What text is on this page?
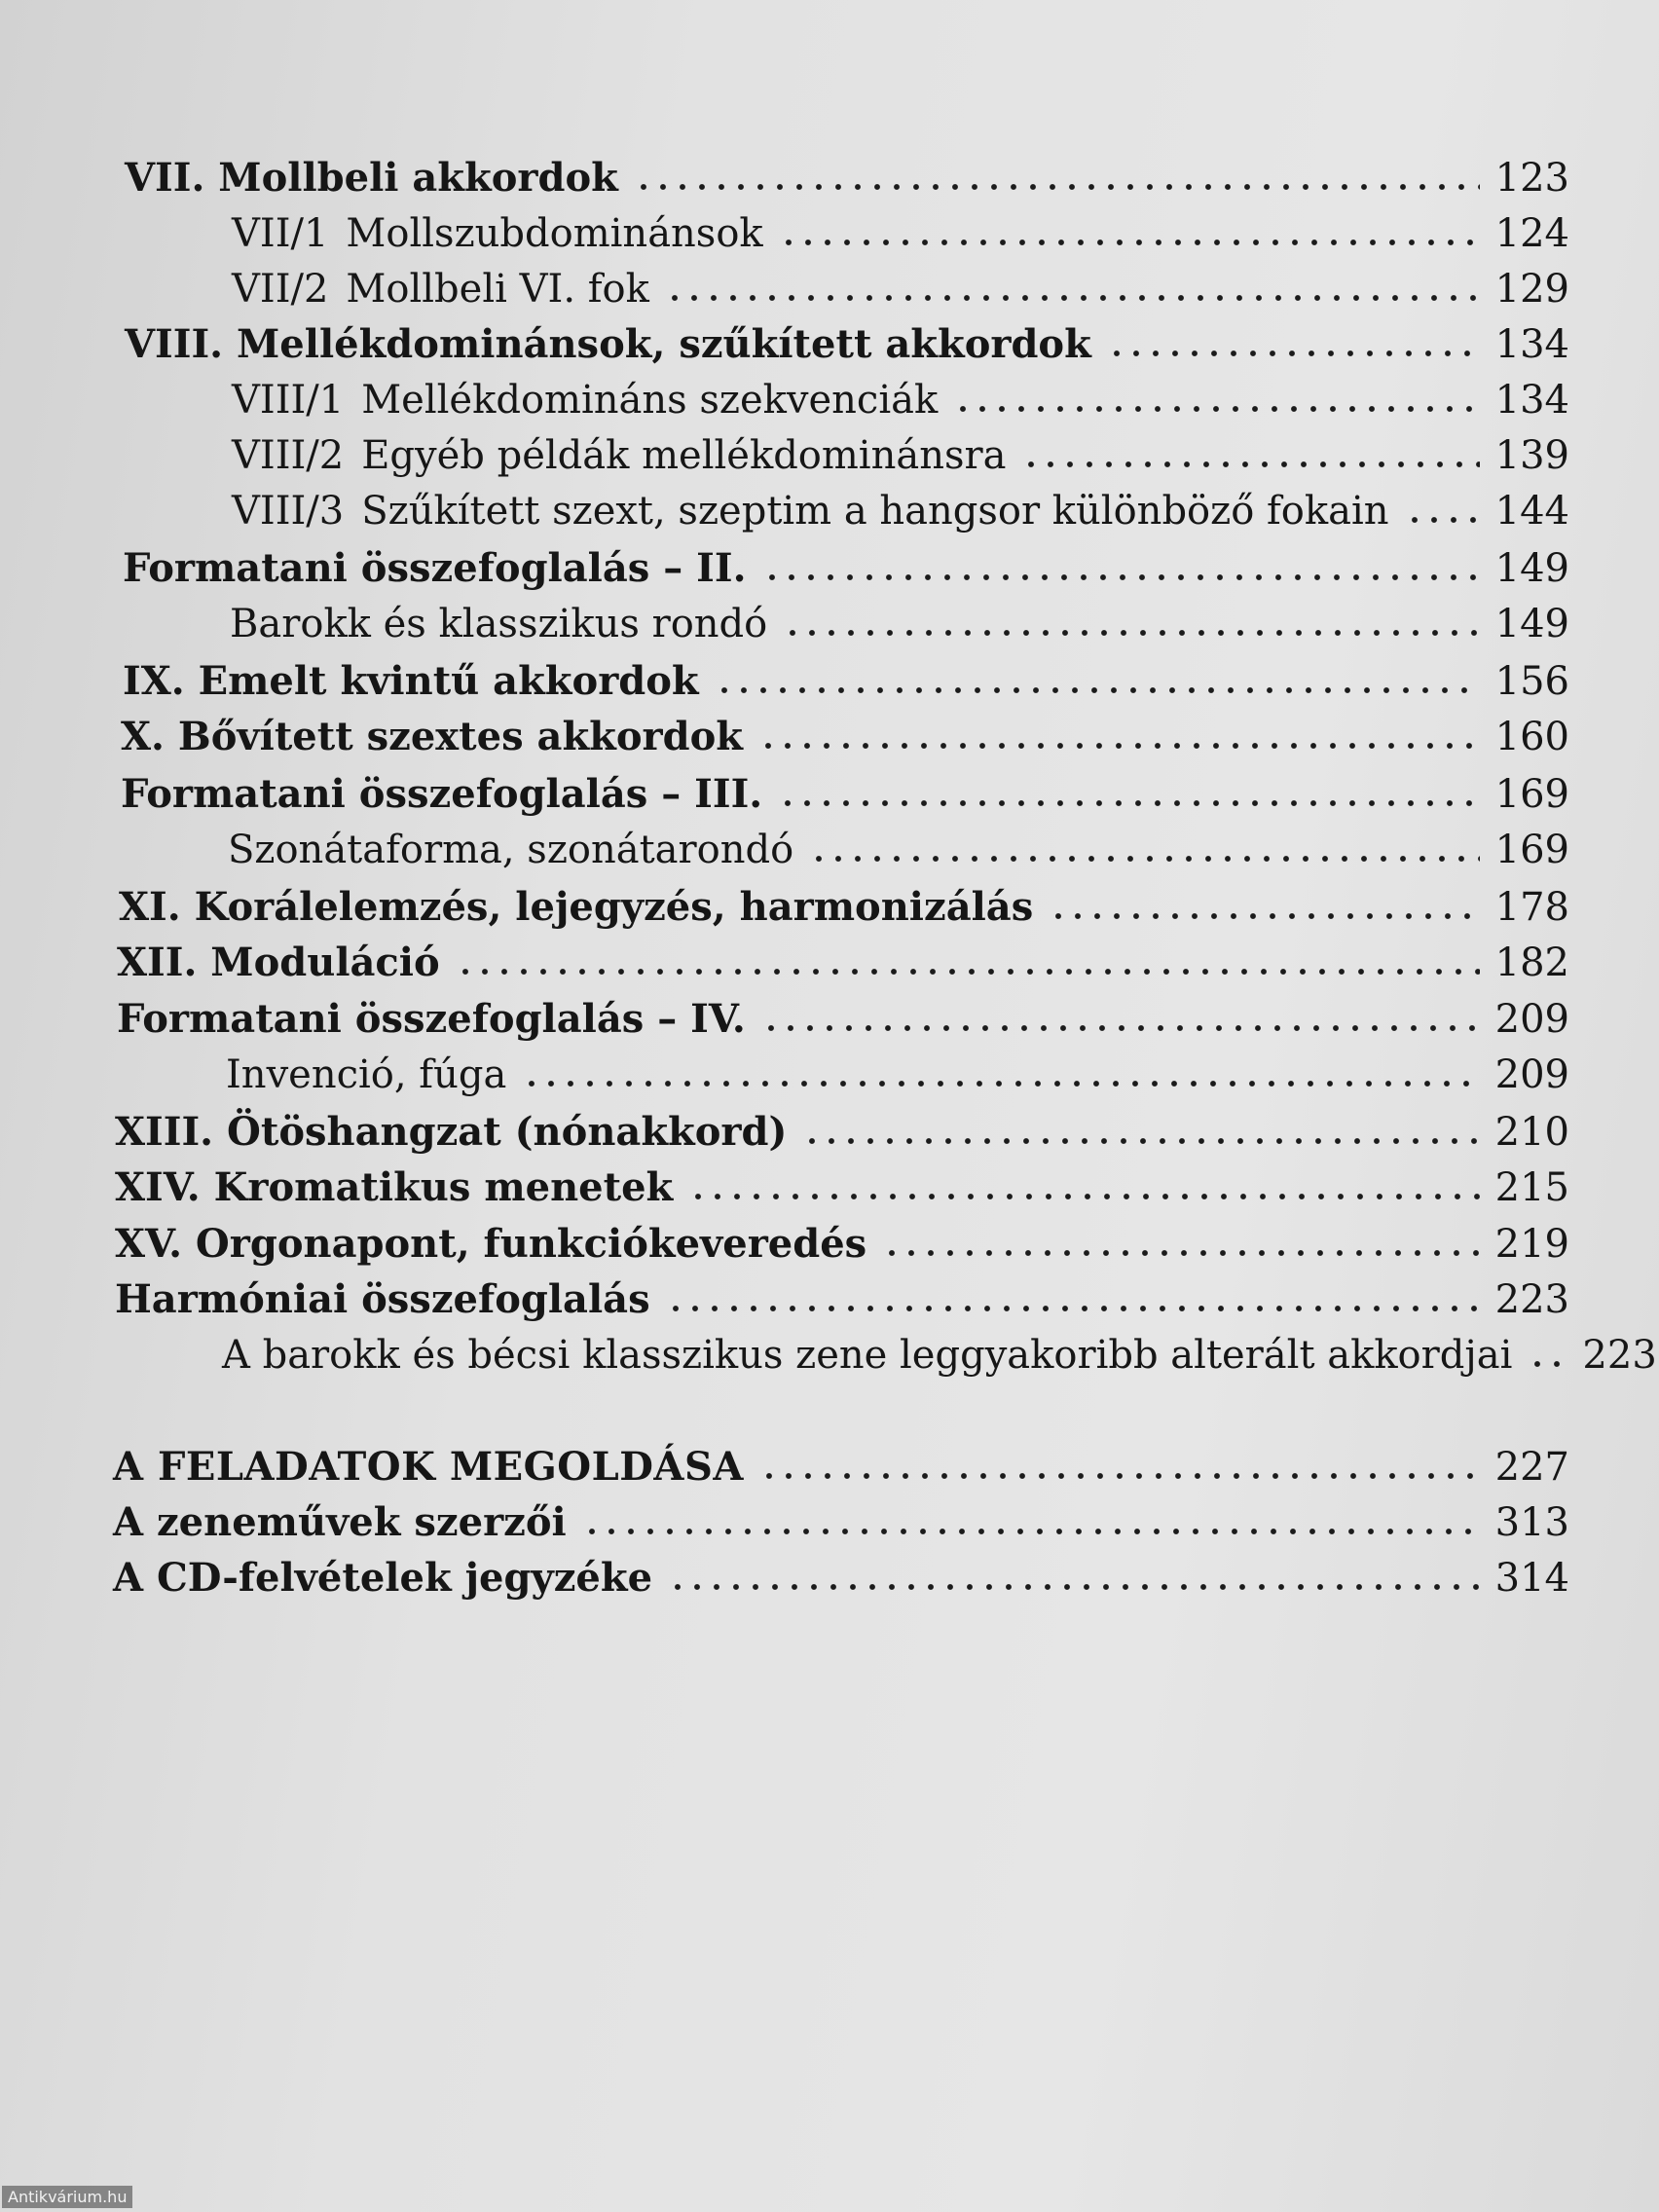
VII. Mollbeli akkordok	123
VII/1 Mollszubdominánsok	124
VII/2 Mollbeli VI. fok	129
VIII. Mellékdominánsok, szűkített akkordok	134
VIII/1 Mellékdomináns szekvenciák	134
VIII/2 Egyéb példák mellékdominánsra	139
VIII/3 Szűkített szext, szeptim a hangsor különböző fokain	144
Formatani összefoglalás – II.	149
Barokk és klasszikus rondó	149
IX. Emelt kvintű akkordok	156
X. Bővített szextes akkordok	160
Formatani összefoglalás – III.	169
Szonátaforma, szonátarondó	169
XI. Korálelemzés, lejegyzés, harmonizálás	178
XII. Moduláció	182
Formatani összefoglalás – IV.	209
Invenció, fúga	209
XIII. Ötöshangzat (nónakkord)	210
XIV. Kromatikus menetek	215
XV. Orgonapont, funkciókeveredés	219
Harmóniai összefoglalás	223
A barokk és bécsi klasszikus zene leggyakoribb alterált akkordjai 223
A FELADATOK MEGOLDÁSA	227
A zeneművek szerzői	313
A CD-felvételek jegyzéke	314
Antikvárium.hu
